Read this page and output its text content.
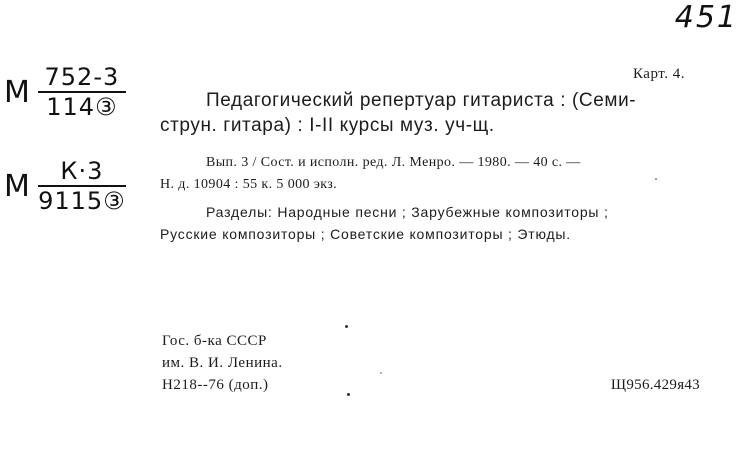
451
М $\frac{752-3}{\text{114③}}$
М $\frac{К\cdot 3}{\text{9115③}}$
Карт. 4.
Педагогический репертуар гитариста : (Семи-
струн. гитара) : I-II курсы муз. уч-щ.
Вып. 3 / Сост. и исполн. ред. Л. Менро. — 1980. — 40 с. —
Н. д. 10904 : 55 к. 5 000 экз.
Разделы: Народные песни ; Зарубежные композиторы ;
Русские композиторы ; Советские композиторы ; Этюды.
Гос. б-ка СССР
им. В. И. Ленина.
Н218--76 (доп.)	Щ956.429я43
